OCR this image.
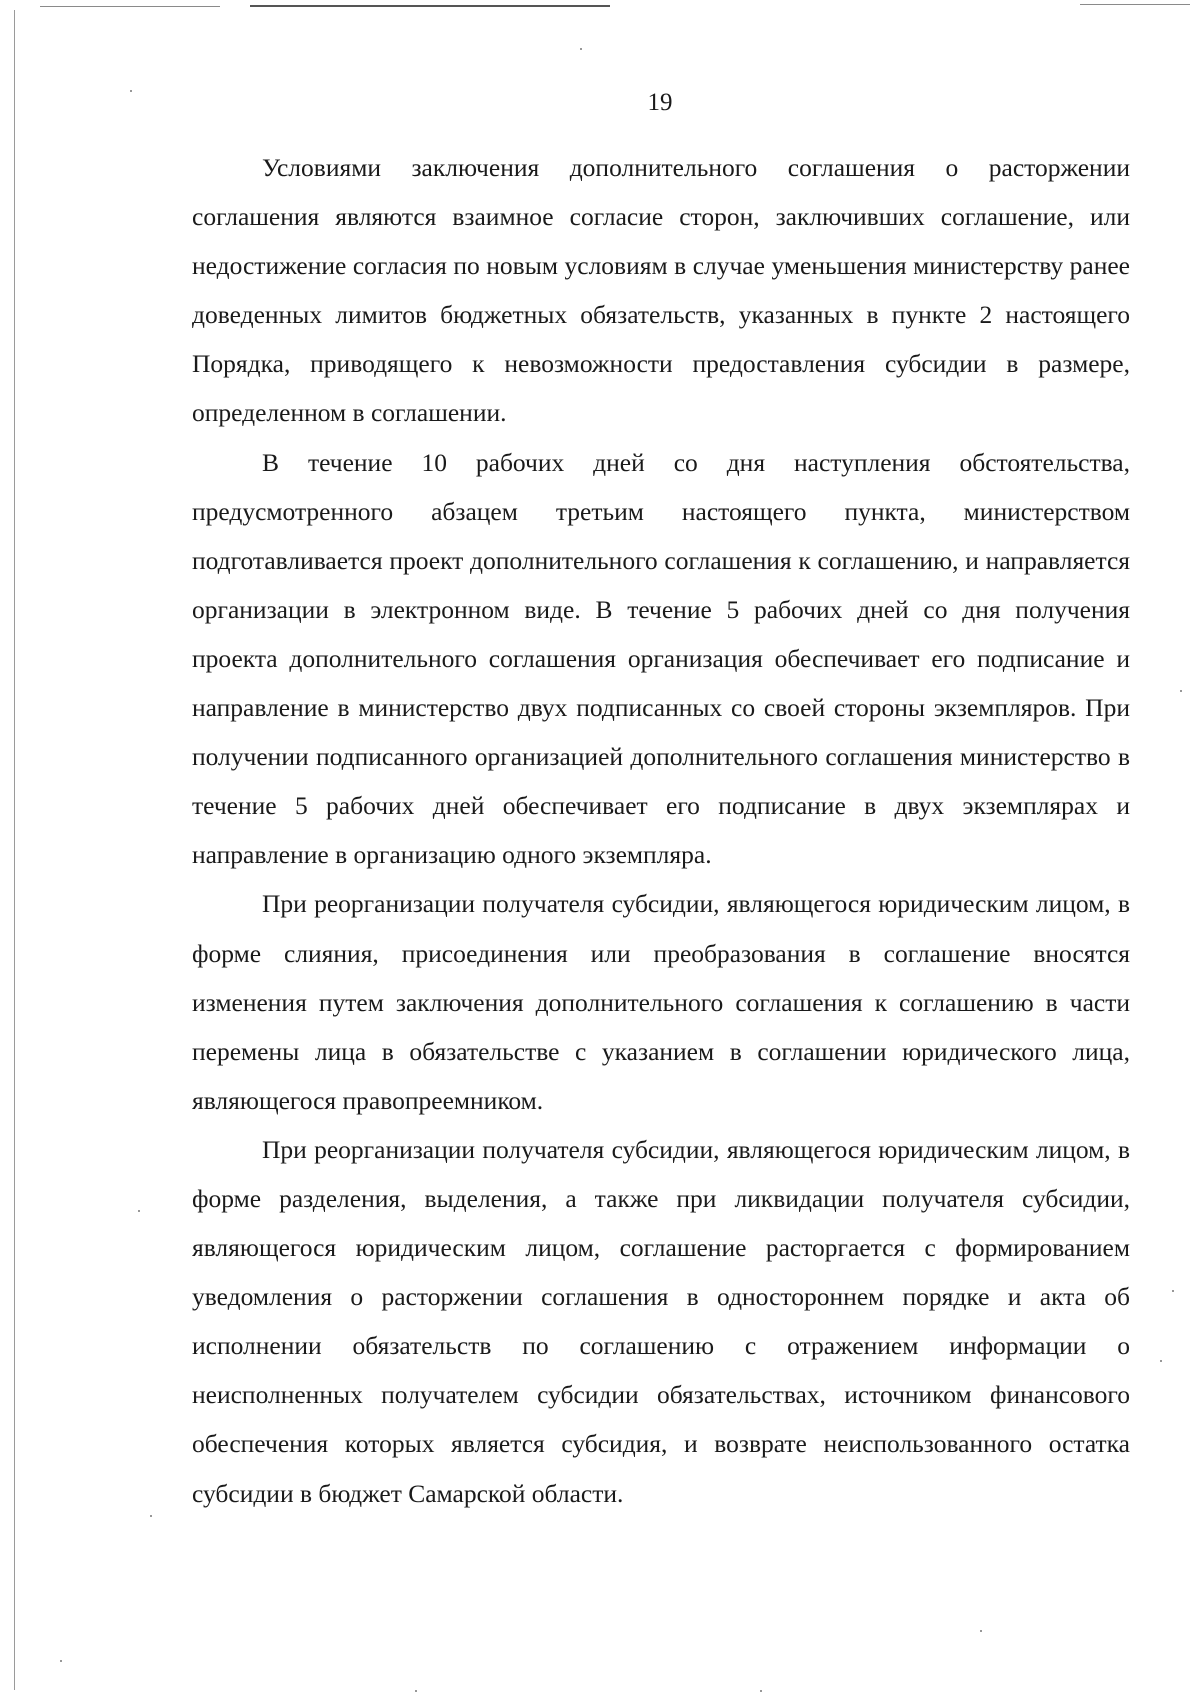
19

Условиями заключения дополнительного соглашения о расторжении соглашения являются взаимное согласие сторон, заключивших соглашение, или недостижение согласия по новым условиям в случае уменьшения министерству ранее доведенных лимитов бюджетных обязательств, указанных в пункте 2 настоящего Порядка, приводящего к невозможности предоставления субсидии в размере, определенном в соглашении.

В течение 10 рабочих дней со дня наступления обстоятельства, предусмотренного абзацем третьим настоящего пункта, министерством подготавливается проект дополнительного соглашения к соглашению, и направляется организации в электронном виде. В течение 5 рабочих дней со дня получения проекта дополнительного соглашения организация обеспечивает его подписание и направление в министерство двух подписанных со своей стороны экземпляров. При получении подписанного организацией дополнительного соглашения министерство в течение 5 рабочих дней обеспечивает его подписание в двух экземплярах и направление в организацию одного экземпляра.

При реорганизации получателя субсидии, являющегося юридическим лицом, в форме слияния, присоединения или преобразования в соглашение вносятся изменения путем заключения дополнительного соглашения к соглашению в части перемены лица в обязательстве с указанием в соглашении юридического лица, являющегося правопреемником.

При реорганизации получателя субсидии, являющегося юридическим лицом, в форме разделения, выделения, а также при ликвидации получателя субсидии, являющегося юридическим лицом, соглашение расторгается с формированием уведомления о расторжении соглашения в одностороннем порядке и акта об исполнении обязательств по соглашению с отражением информации о неисполненных получателем субсидии обязательствах, источником финансового обеспечения которых является субсидия, и возврате неиспользованного остатка субсидии в бюджет Самарской области.
